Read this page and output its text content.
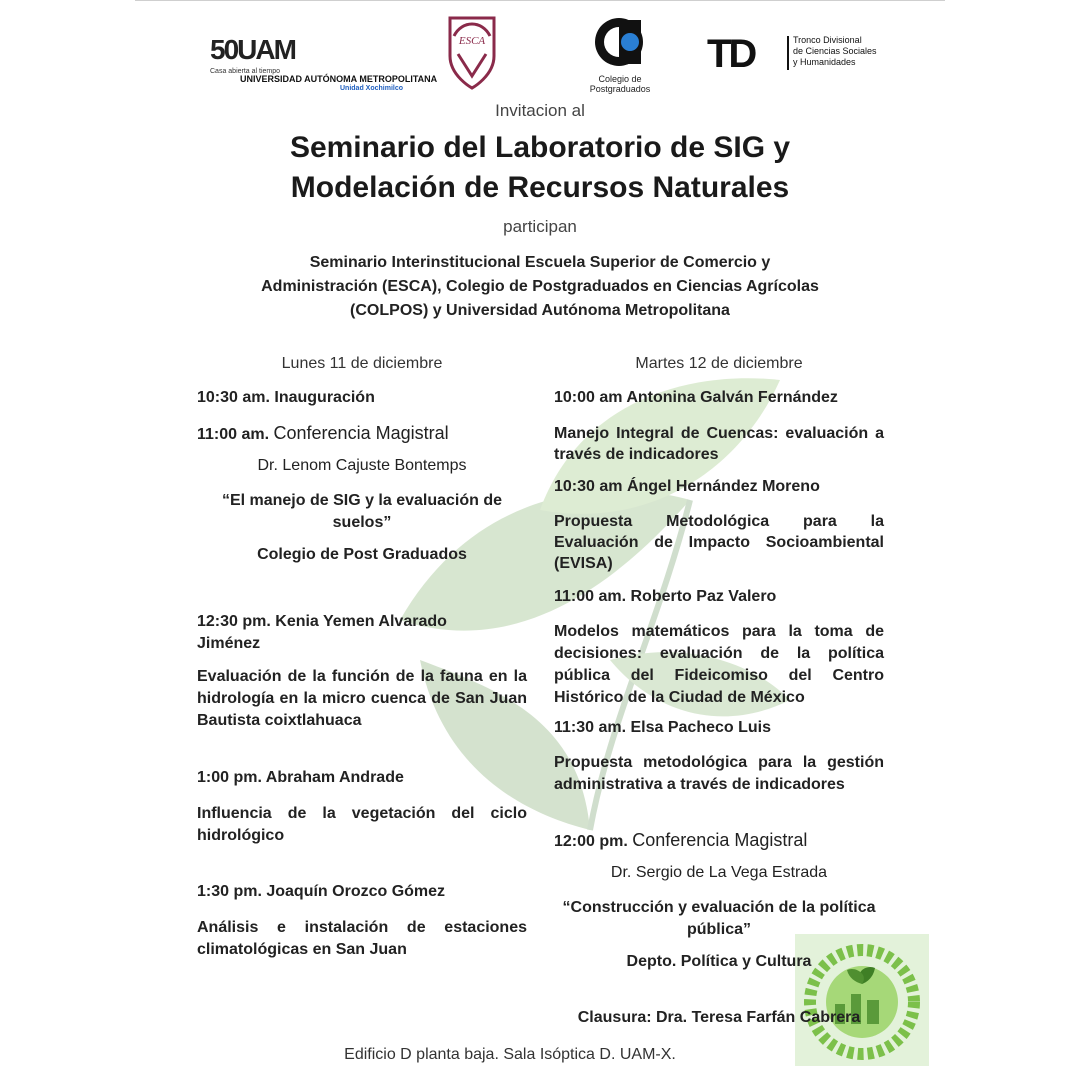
50UAM
Casa abierta al tiempo
UNIVERSIDAD AUTÓNOMA METROPOLITANA
Unidad Xochimilco
ESCA
Colegio de
Postgraduados
TD	Tronco Divisional
de Ciencias Sociales
y Humanidades
Invitacion al
Seminario del Laboratorio de SIG y
Modelación de Recursos Naturales
participan
Seminario Interinstitucional Escuela Superior de Comercio y
Administración (ESCA), Colegio de Postgraduados en Ciencias Agrícolas
(COLPOS) y Universidad Autónoma Metropolitana
Lunes 11 de diciembre
10:30 am. Inauguración
11:00 am. Conferencia Magistral
Dr. Lenom Cajuste Bontemps
“El manejo de SIG y la evaluación de suelos”
Colegio de Post Graduados
12:30 pm. Kenia Yemen Alvarado Jiménez
Evaluación de la función de la fauna en la hidrología en la micro cuenca de San Juan Bautista coixtlahuaca
1:00 pm. Abraham Andrade
Influencia de la vegetación del ciclo hidrológico
1:30 pm. Joaquín Orozco Gómez
Análisis e instalación de estaciones climatológicas en San Juan
Martes 12 de diciembre
10:00 am Antonina Galván Fernández
Manejo Integral de Cuencas: evaluación a través de indicadores
10:30 am Ángel Hernández Moreno
Propuesta Metodológica para la Evaluación de Impacto Socioambiental (EVISA)
11:00 am. Roberto Paz Valero
Modelos matemáticos para la toma de decisiones: evaluación de la política pública del Fideicomiso del Centro Histórico de la Ciudad de México
11:30 am. Elsa Pacheco Luis
Propuesta metodológica para la gestión administrativa a través de indicadores
12:00 pm. Conferencia Magistral
Dr. Sergio de La Vega Estrada
“Construcción y evaluación de la política pública”
Depto. Política y Cultura
Clausura: Dra. Teresa Farfán Cabrera
Edificio D planta baja. Sala Isóptica D. UAM-X.
